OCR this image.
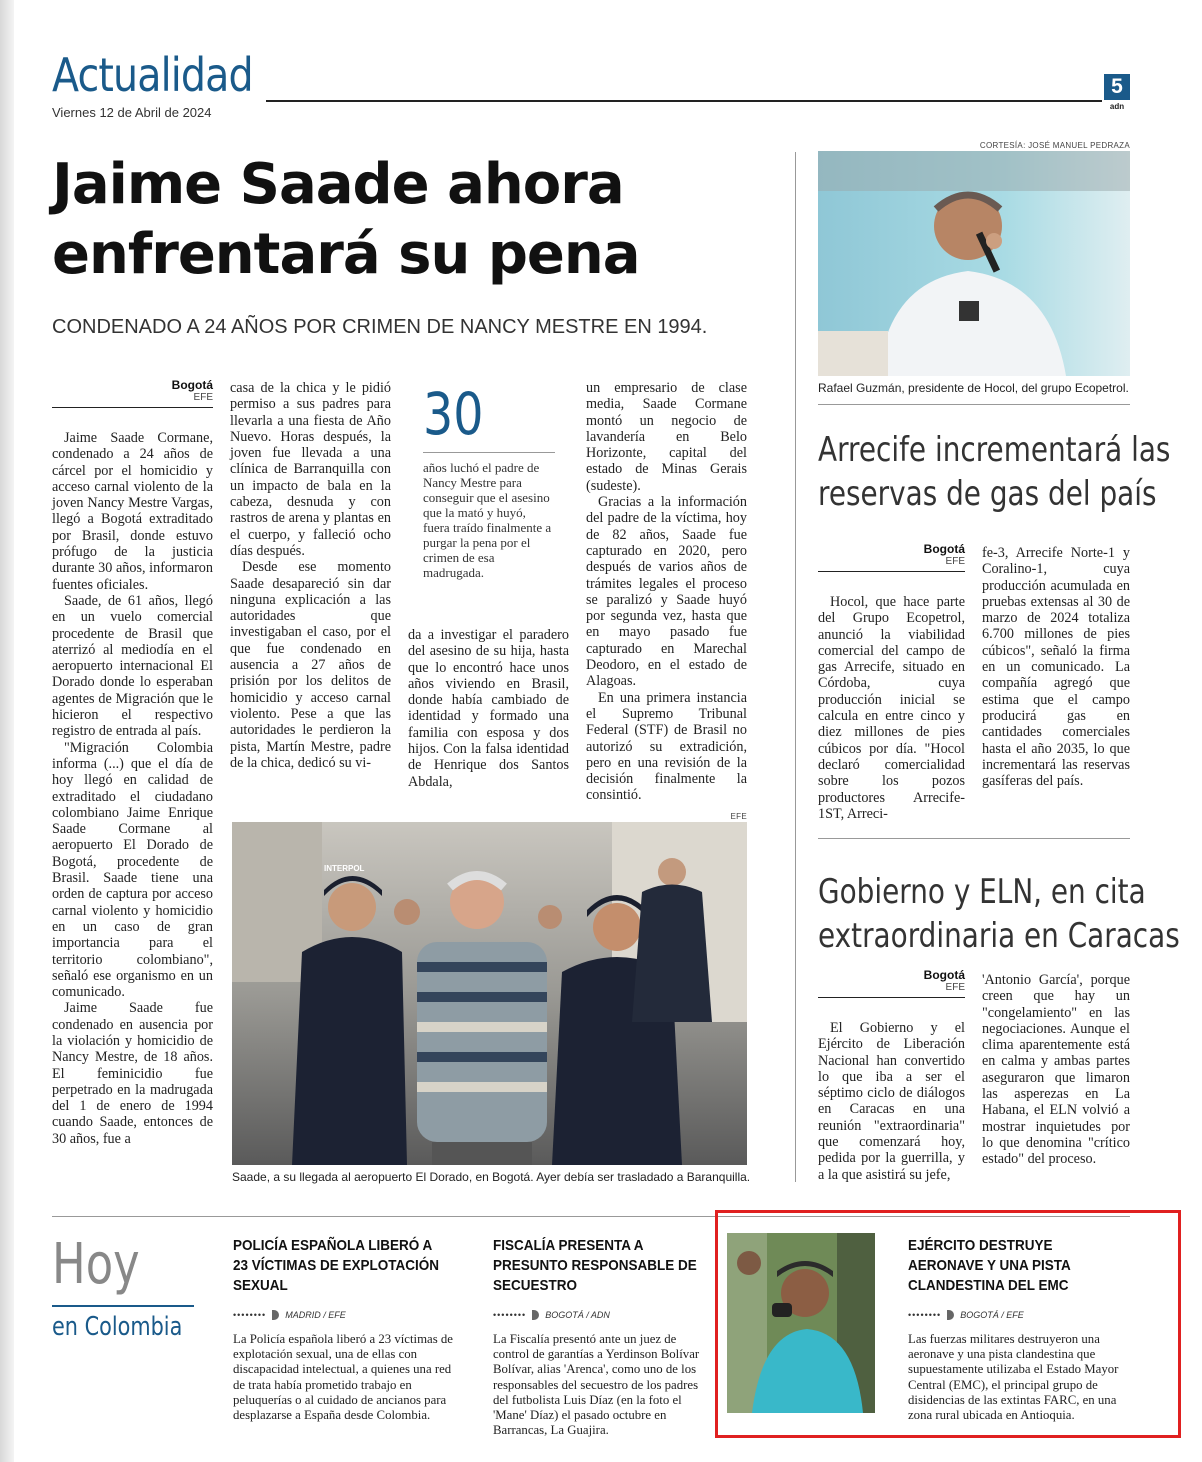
Actualidad
Viernes 12 de Abril de 2024
5
adn
Jaime Saade ahora enfrentará su pena
CONDENADO A 24 AÑOS POR CRIMEN DE NANCY MESTRE EN 1994.
Bogotá
EFE

Jaime Saade Cormane, condenado a 24 años de cárcel por el homicidio y acceso carnal violento de la joven Nancy Mestre Vargas, llegó a Bogotá extraditado por Brasil, donde estuvo prófugo de la justicia durante 30 años, informaron fuentes oficiales.

Saade, de 61 años, llegó en un vuelo comercial procedente de Brasil que aterrizó al mediodía en el aeropuerto internacional El Dorado donde lo esperaban agentes de Migración que le hicieron el respectivo registro de entrada al país.

"Migración Colombia informa (...) que el día de hoy llegó en calidad de extraditado el ciudadano colombiano Jaime Enrique Saade Cormane al aeropuerto El Dorado de Bogotá, procedente de Brasil. Saade tiene una orden de captura por acceso carnal violento y homicidio en un caso de gran importancia para el territorio colombiano", señaló ese organismo en un comunicado.

Jaime Saade fue condenado en ausencia por la violación y homicidio de Nancy Mestre, de 18 años. El feminicidio fue perpetrado en la madrugada del 1 de enero de 1994 cuando Saade, entonces de 30 años, fue a

casa de la chica y le pidió permiso a sus padres para llevarla a una fiesta de Año Nuevo. Horas después, la joven fue llevada a una clínica de Barranquilla con un impacto de bala en la cabeza, desnuda y con rastros de arena y plantas en el cuerpo, y falleció ocho días después.

Desde ese momento Saade desapareció sin dar ninguna explicación a las autoridades que investigaban el caso, por el que fue condenado en ausencia a 27 años de prisión por los delitos de homicidio y acceso carnal violento. Pese a que las autoridades le perdieron la pista, Martín Mestre, padre de la chica, dedicó su vi-

30
años luchó el padre de Nancy Mestre para conseguir que el asesino que la mató y huyó, fuera traído finalmente a purgar la pena por el crimen de esa madrugada.

da a investigar el paradero del asesino de su hija, hasta que lo encontró hace unos años viviendo en Brasil, donde había cambiado de identidad y formado una familia con esposa y dos hijos. Con la falsa identidad de Henrique dos Santos Abdala,

un empresario de clase media, Saade Cormane montó un negocio de lavandería en Belo Horizonte, capital del estado de Minas Gerais (sudeste).

Gracias a la información del padre de la víctima, hoy de 82 años, Saade fue capturado en 2020, pero después de varios años de trámites legales el proceso se paralizó y Saade huyó por segunda vez, hasta que en mayo pasado fue capturado en Marechal Deodoro, en el estado de Alagoas.

En una primera instancia el Supremo Tribunal Federal (STF) de Brasil no autorizó su extradición, pero en una revisión de la decisión finalmente la consintió.

EFE
INTERPOL
Saade, a su llegada al aeropuerto El Dorado, en Bogotá. Ayer debía ser trasladado a Baranquilla.
CORTESÍA: JOSÉ MANUEL PEDRAZA
Rafael Guzmán, presidente de Hocol, del grupo Ecopetrol.
Arrecife incrementará las
reservas de gas del país
Bogotá
EFE

Hocol, que hace parte del Grupo Ecopetrol, anunció la viabilidad comercial del campo de gas Arrecife, situado en Córdoba, cuya producción inicial se calcula en entre cinco y diez millones de pies cúbicos por día. "Hocol declaró comercialidad sobre los pozos productores Arrecife-1ST, Arreci-

fe-3, Arrecife Norte-1 y Coralino-1, cuya producción acumulada en pruebas extensas al 30 de marzo de 2024 totaliza 6.700 millones de pies cúbicos", señaló la firma en un comunicado. La compañía agregó que estima que el campo producirá gas en cantidades comerciales hasta el año 2035, lo que incrementará las reservas gasíferas del país.

Gobierno y ELN, en cita
extraordinaria en Caracas
Bogotá
EFE

El Gobierno y el Ejército de Liberación Nacional han convertido lo que iba a ser el séptimo ciclo de diálogos en Caracas en una reunión "extraordinaria" que comenzará hoy, pedida por la guerrilla, y a la que asistirá su jefe,

'Antonio García', porque creen que hay un "congelamiento" en las negociaciones. Aunque el clima aparentemente está en calma y ambas partes aseguraron que limaron las asperezas en La Habana, el ELN volvió a mostrar inquietudes por lo que denomina "crítico estado" del proceso.

Hoy
en Colombia
POLICÍA ESPAÑOLA LIBERÓ A 23 VÍCTIMAS DE EXPLOTACIÓN SEXUAL
•••••••• MADRID / EFE
La Policía española liberó a 23 víctimas de explotación sexual, una de ellas con discapacidad intelectual, a quienes una red de trata había prometido trabajo en peluquerías o al cuidado de ancianos para desplazarse a España desde Colombia.
FISCALÍA PRESENTA A PRESUNTO RESPONSABLE DE SECUESTRO
•••••••• BOGOTÁ / ADN
La Fiscalía presentó ante un juez de control de garantías a Yerdinson Bolívar Bolívar, alias 'Arenca', como uno de los responsables del secuestro de los padres del futbolista Luis Díaz (en la foto el 'Mane' Díaz) el pasado octubre en Barrancas, La Guajira.
EJÉRCITO DESTRUYE AERONAVE Y UNA PISTA CLANDESTINA DEL EMC
•••••••• BOGOTÁ / EFE
Las fuerzas militares destruyeron una aeronave y una pista clandestina que supuestamente utilizaba el Estado Mayor Central (EMC), el principal grupo de disidencias de las extintas FARC, en una zona rural ubicada en Antioquia.
